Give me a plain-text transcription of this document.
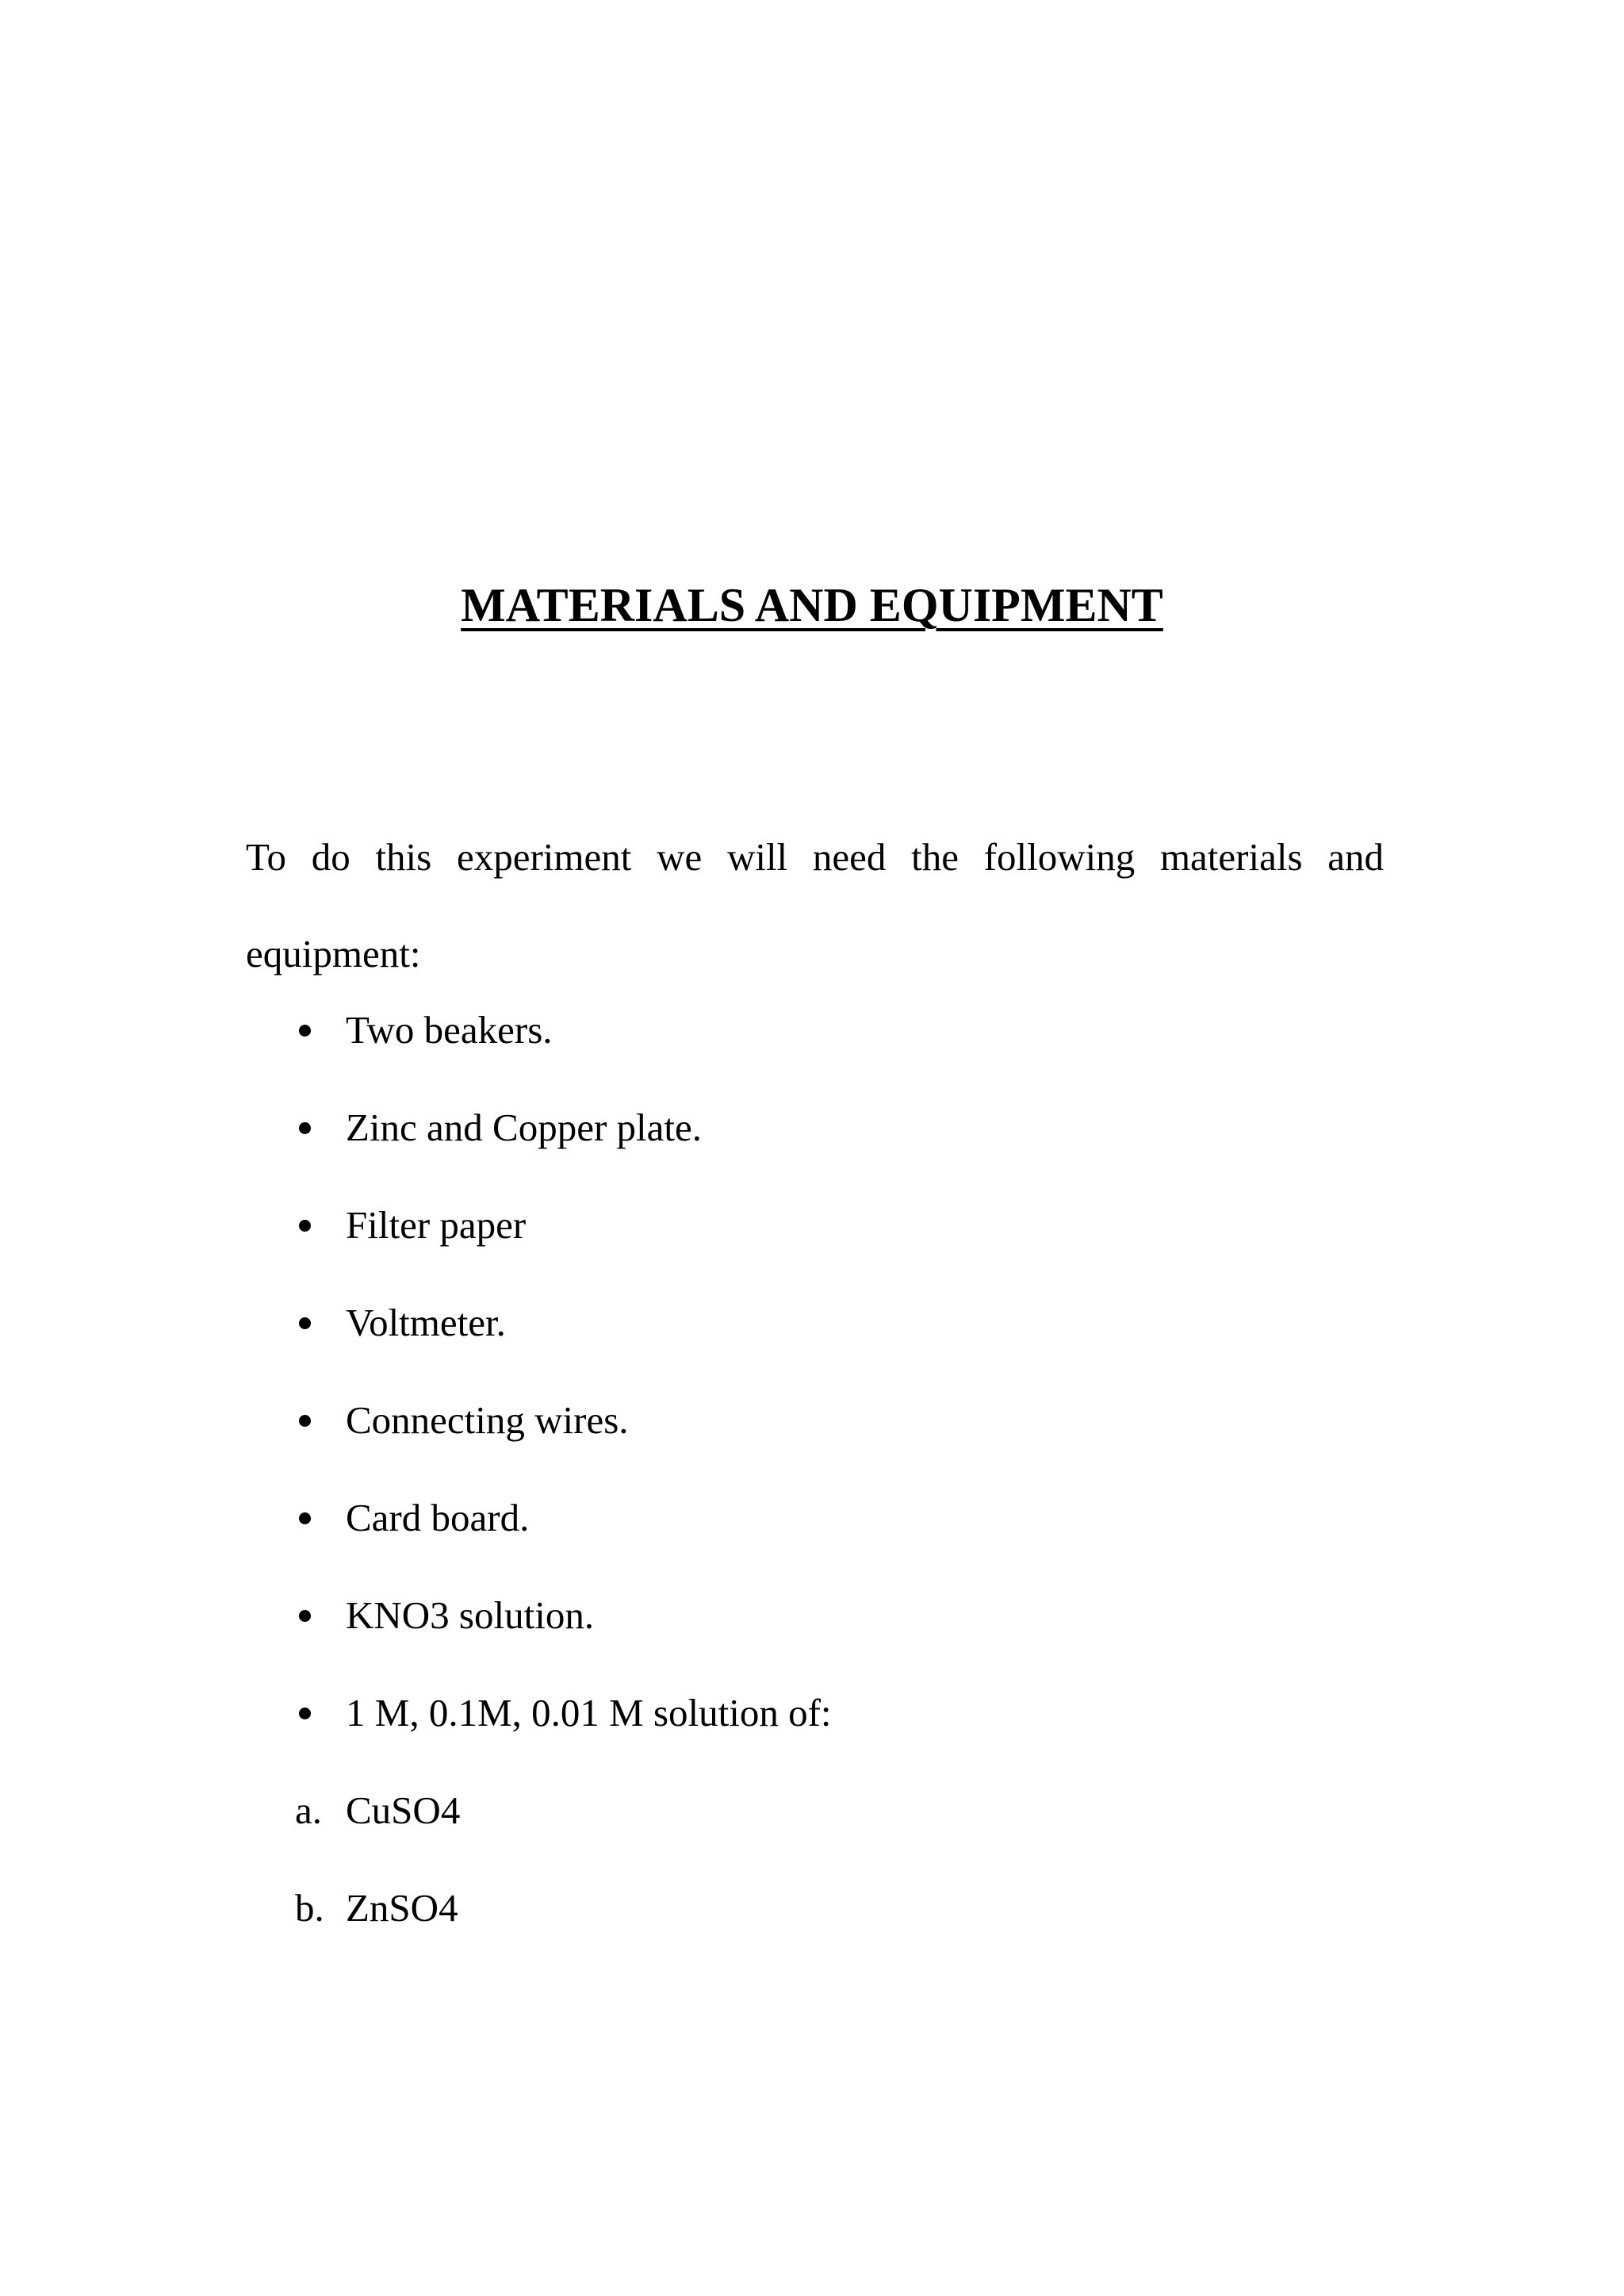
MATERIALS AND EQUIPMENT

To do this experiment we will need the following materials and equipment:

Two beakers.
Zinc and Copper plate.
Filter paper
Voltmeter.
Connecting wires.
Card board.
KNO3 solution.
1 M, 0.1M, 0.01 M solution of:
a. CuSO4
b. ZnSO4
